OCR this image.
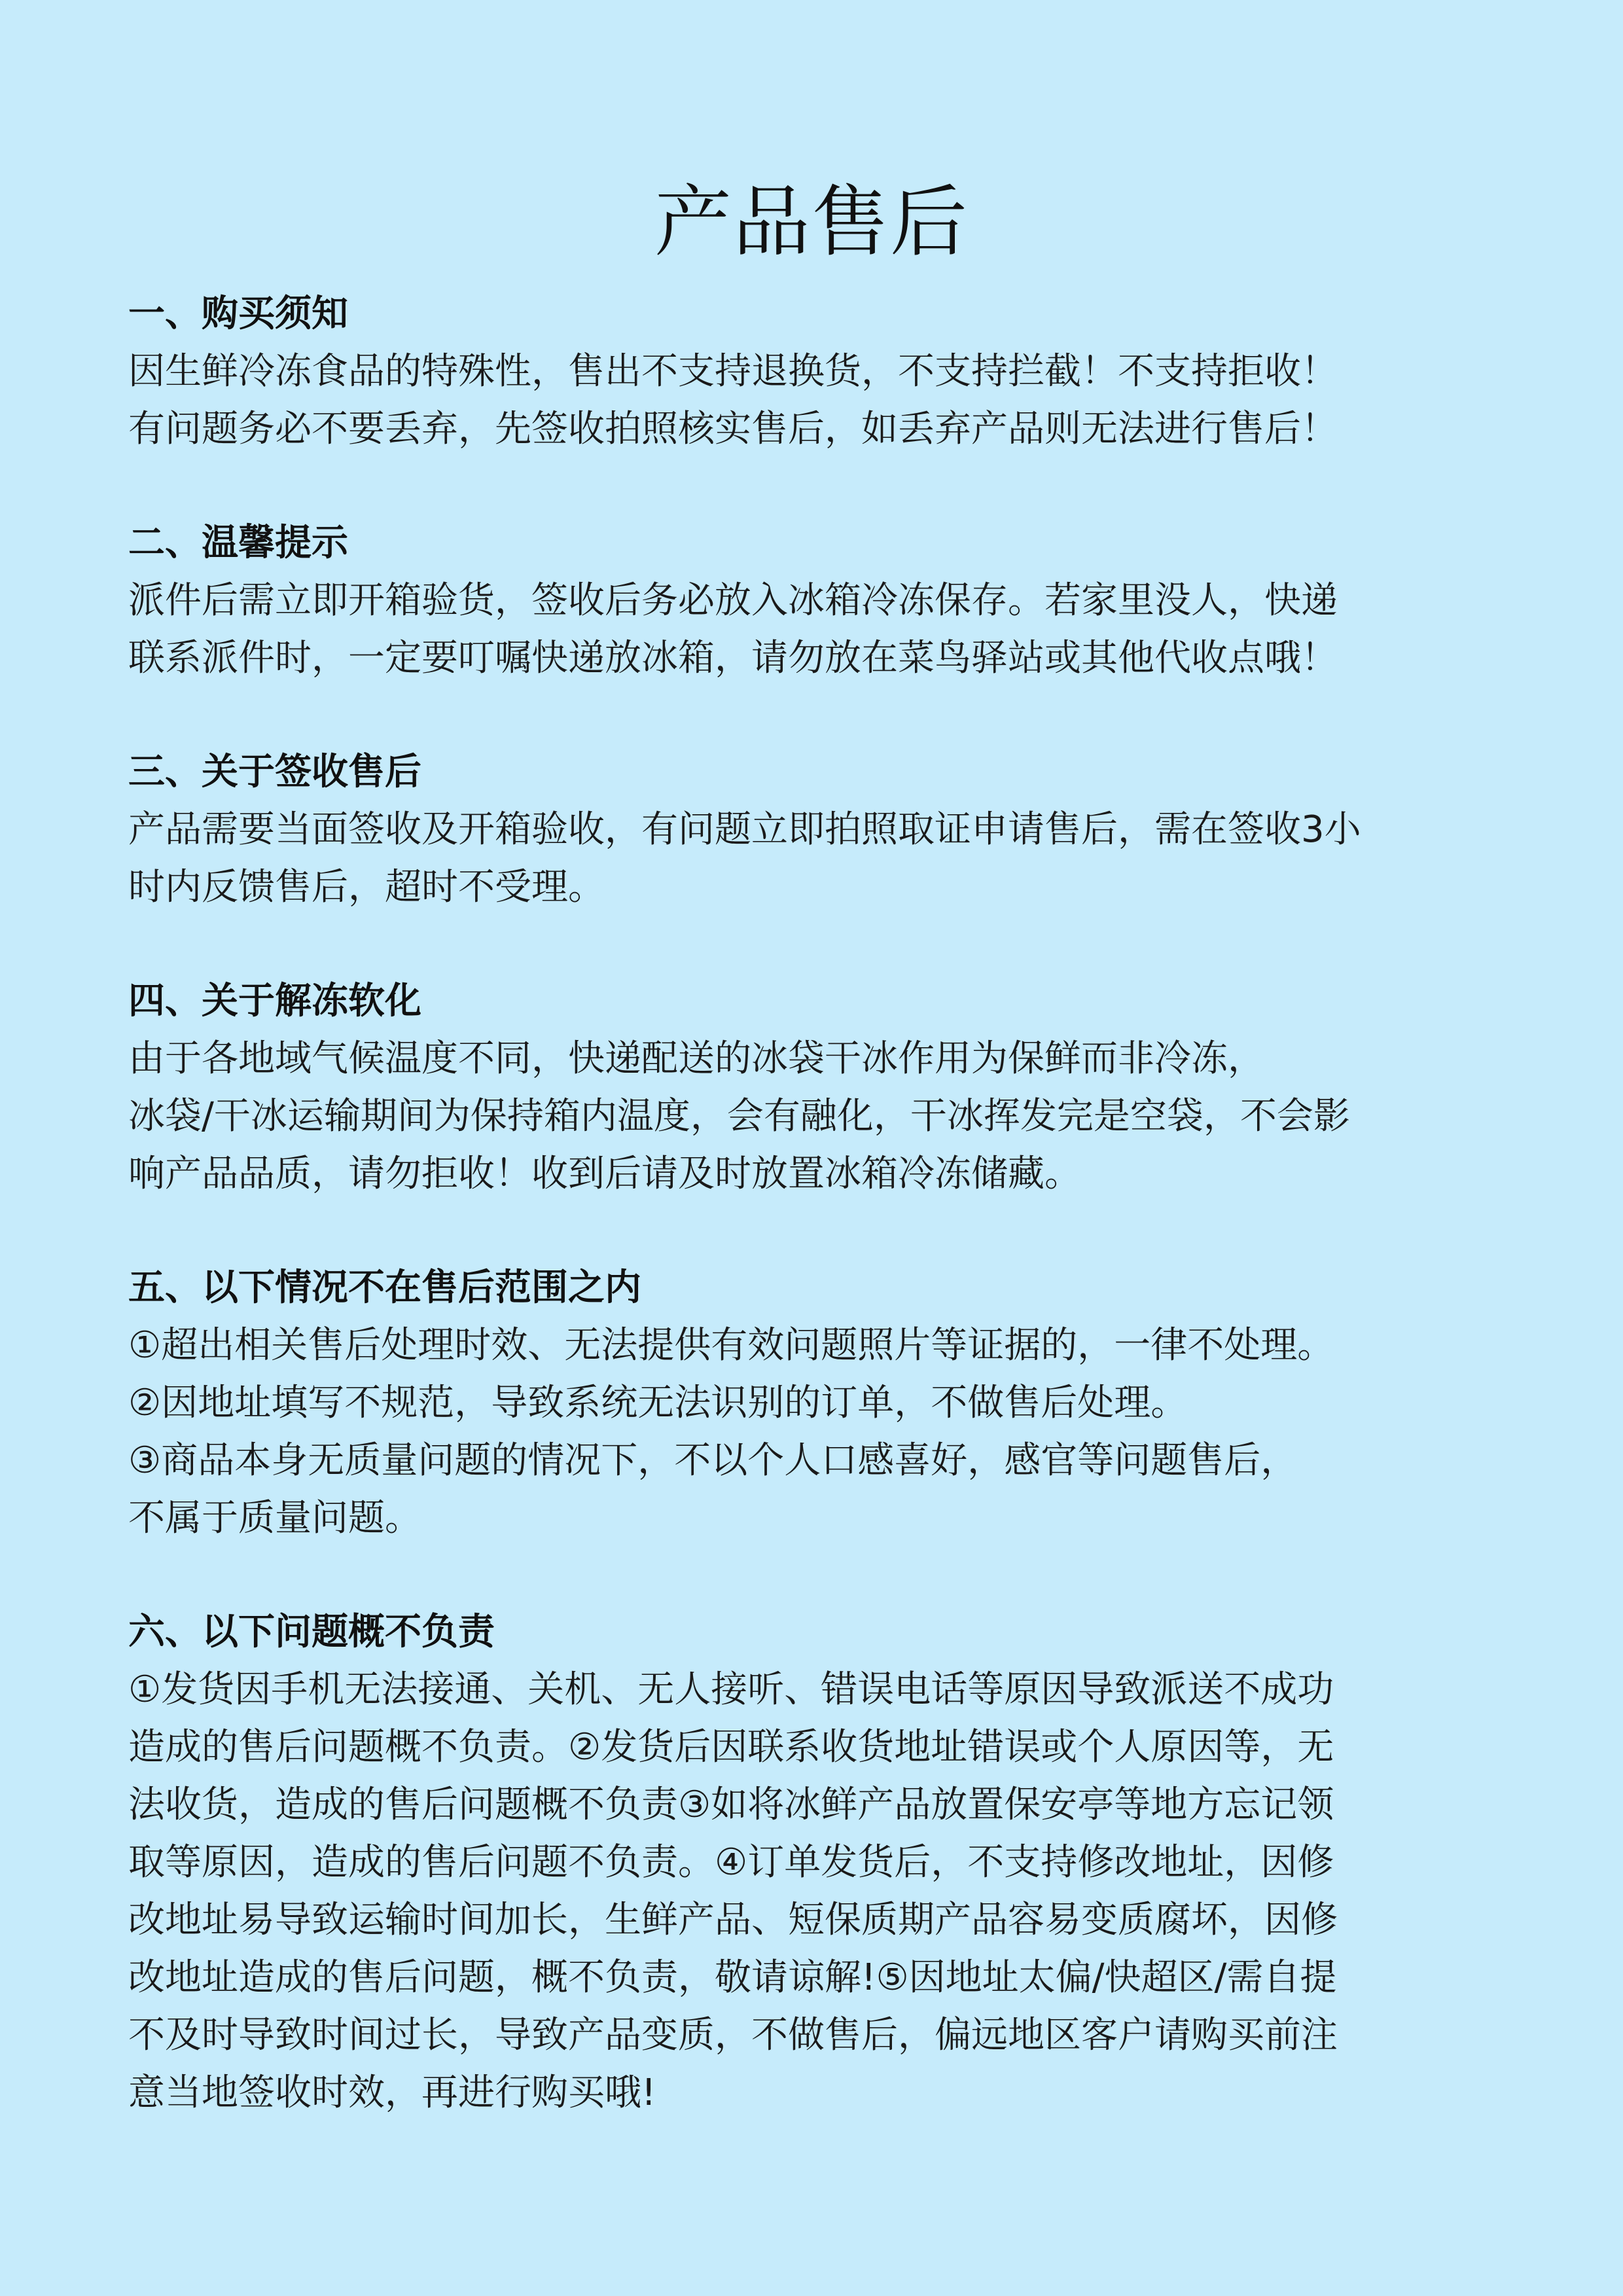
产品售后
一、购买须知
因生鲜冷冻食品的特殊性，售出不支持退换货，不支持拦截！不支持拒收！
有问题务必不要丢弃，先签收拍照核实售后，如丢弃产品则无法进行售后！
二、温馨提示
派件后需立即开箱验货，签收后务必放入冰箱冷冻保存。若家里没人，快递
联系派件时，一定要叮嘱快递放冰箱，请勿放在菜鸟驿站或其他代收点哦！
三、关于签收售后
产品需要当面签收及开箱验收，有问题立即拍照取证申请售后，需在签收3小
时内反馈售后，超时不受理。
四、关于解冻软化
由于各地域气候温度不同，快递配送的冰袋干冰作用为保鲜而非冷冻，
冰袋/干冰运输期间为保持箱内温度，会有融化，干冰挥发完是空袋，不会影
响产品品质，请勿拒收！收到后请及时放置冰箱冷冻储藏。
五、以下情况不在售后范围之内
①超出相关售后处理时效、无法提供有效问题照片等证据的，一律不处理。
②因地址填写不规范，导致系统无法识别的订单，不做售后处理。
③商品本身无质量问题的情况下，不以个人口感喜好，感官等问题售后，
不属于质量问题。
六、以下问题概不负责
①发货因手机无法接通、关机、无人接听、错误电话等原因导致派送不成功
造成的售后问题概不负责。②发货后因联系收货地址错误或个人原因等，无
法收货，造成的售后问题概不负责③如将冰鲜产品放置保安亭等地方忘记领
取等原因，造成的售后问题不负责。④订单发货后，不支持修改地址，因修
改地址易导致运输时间加长，生鲜产品、短保质期产品容易变质腐坏，因修
改地址造成的售后问题，概不负责，敬请谅解!⑤因地址太偏/快超区/需自提
不及时导致时间过长，导致产品变质，不做售后，偏远地区客户请购买前注
意当地签收时效，再进行购买哦!
